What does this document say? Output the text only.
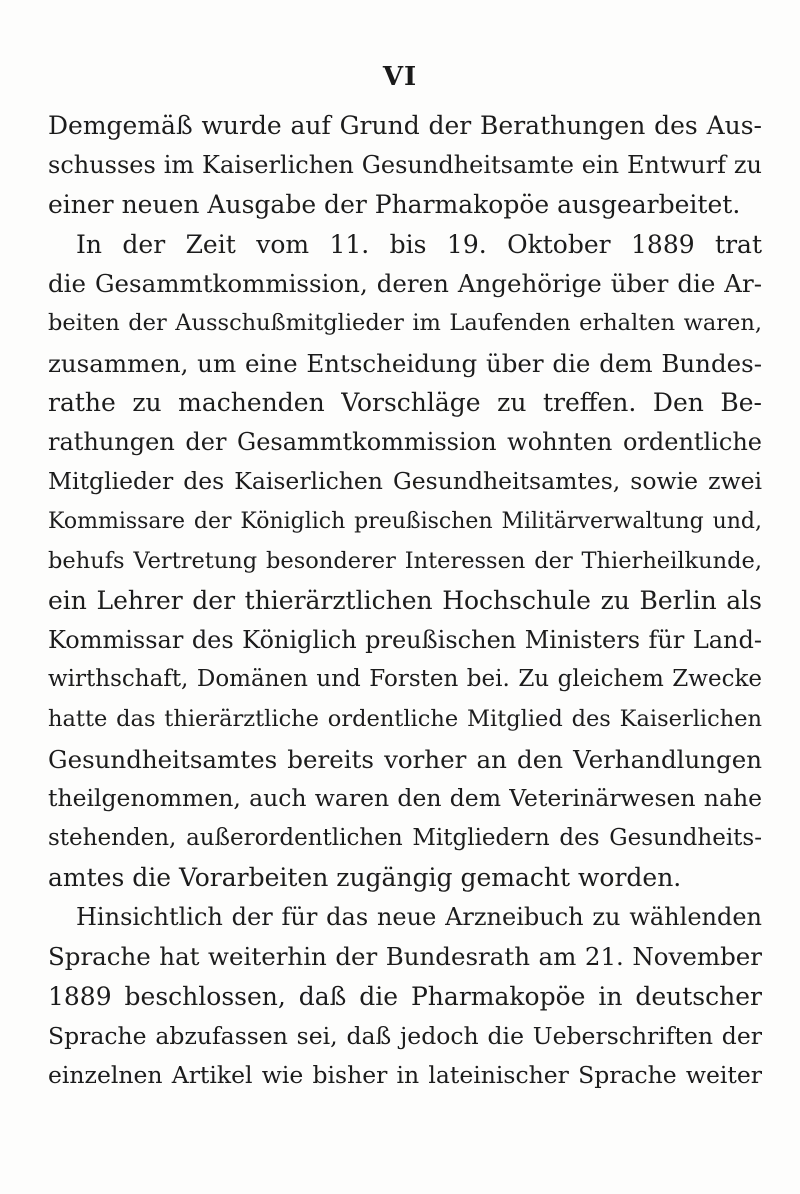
VI
Demgemäß wurde auf Grund der Berathungen des Aus-
schusses im Kaiserlichen Gesundheitsamte ein Entwurf zu
einer neuen Ausgabe der Pharmakopöe ausgearbeitet.
In der Zeit vom 11. bis 19. Oktober 1889 trat
die Gesammtkommission, deren Angehörige über die Ar-
beiten der Ausschußmitglieder im Laufenden erhalten waren,
zusammen, um eine Entscheidung über die dem Bundes-
rathe zu machenden Vorschläge zu treffen. Den Be-
rathungen der Gesammtkommission wohnten ordentliche
Mitglieder des Kaiserlichen Gesundheitsamtes, sowie zwei
Kommissare der Königlich preußischen Militärverwaltung und,
behufs Vertretung besonderer Interessen der Thierheilkunde,
ein Lehrer der thierärztlichen Hochschule zu Berlin als
Kommissar des Königlich preußischen Ministers für Land-
wirthschaft, Domänen und Forsten bei. Zu gleichem Zwecke
hatte das thierärztliche ordentliche Mitglied des Kaiserlichen
Gesundheitsamtes bereits vorher an den Verhandlungen
theilgenommen, auch waren den dem Veterinärwesen nahe
stehenden, außerordentlichen Mitgliedern des Gesundheits-
amtes die Vorarbeiten zugängig gemacht worden.
Hinsichtlich der für das neue Arzneibuch zu wählenden
Sprache hat weiterhin der Bundesrath am 21. November
1889 beschlossen, daß die Pharmakopöe in deutscher
Sprache abzufassen sei, daß jedoch die Ueberschriften der
einzelnen Artikel wie bisher in lateinischer Sprache weiter
